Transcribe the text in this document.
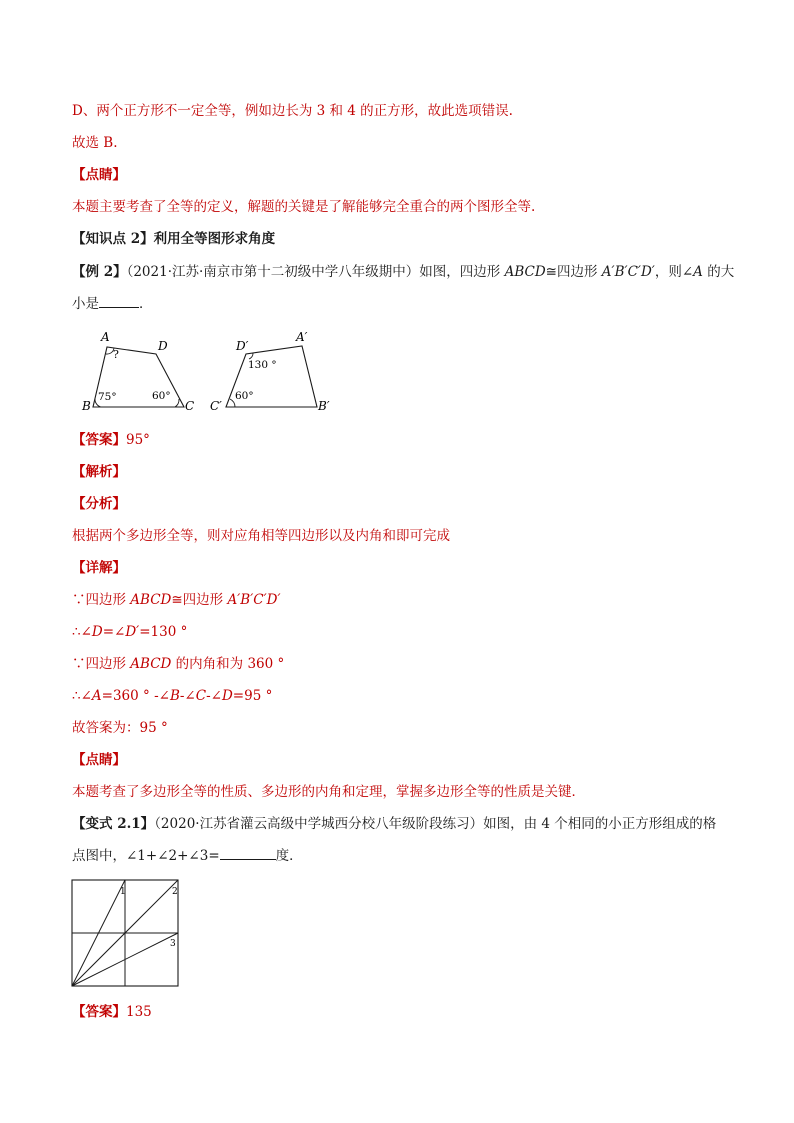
D、两个正方形不一定全等，例如边长为 3 和 4 的正方形，故此选项错误.
故选 B.
【点睛】
本题主要考查了全等的定义，解题的关键是了解能够完全重合的两个图形全等.
【知识点 2】利用全等图形求角度
【例 2】（2021·江苏·南京市第十二初级中学八年级期中）如图，四边形 ABCD≅四边形 A′B′C′D′，则∠A 的大
小是	．
A
B	C
D
?
75°	60°
A′
B′
C′
D′
130 °
60°
【答案】95°
【解析】
【分析】
根据两个多边形全等，则对应角相等四边形以及内角和即可完成
【详解】
∵四边形 ABCD≅四边形 A′B′C′D′
∴∠D=∠D′=130 °
∵四边形 ABCD 的内角和为 360 °
∴∠A=360 ° -∠B-∠C-∠D=95 °
故答案为：95 °
【点睛】
本题考查了多边形全等的性质、多边形的内角和定理，掌握多边形全等的性质是关键．
【变式 2.1】（2020·江苏省灌云高级中学城西分校八年级阶段练习）如图，由 4 个相同的小正方形组成的格
点图中，∠1+∠2+∠3=	度．
1	2
3
【答案】135
